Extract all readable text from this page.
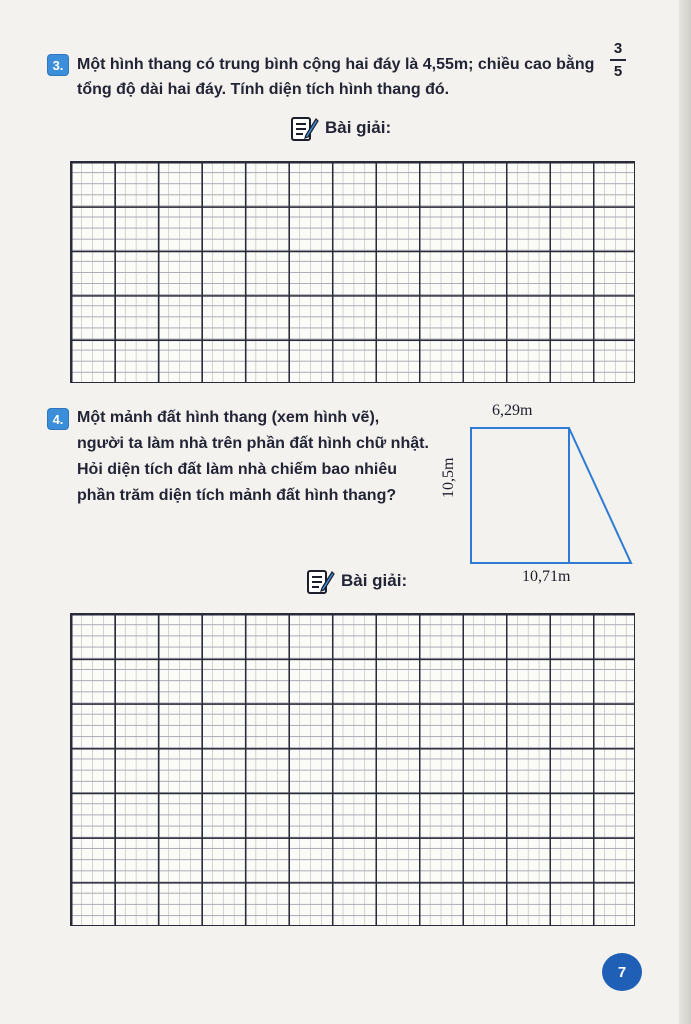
3. Một hình thang có trung bình cộng hai đáy là 4,55m; chiều cao bằng
3
5
tổng độ dài hai đáy. Tính diện tích hình thang đó.
Bài giải:
4. Một mảnh đất hình thang (xem hình vẽ),
người ta làm nhà trên phần đất hình chữ nhật.
Hỏi diện tích đất làm nhà chiếm bao nhiêu
phần trăm diện tích mảnh đất hình thang?
6,29m
10,5m
10,71m
Bài giải:
7
